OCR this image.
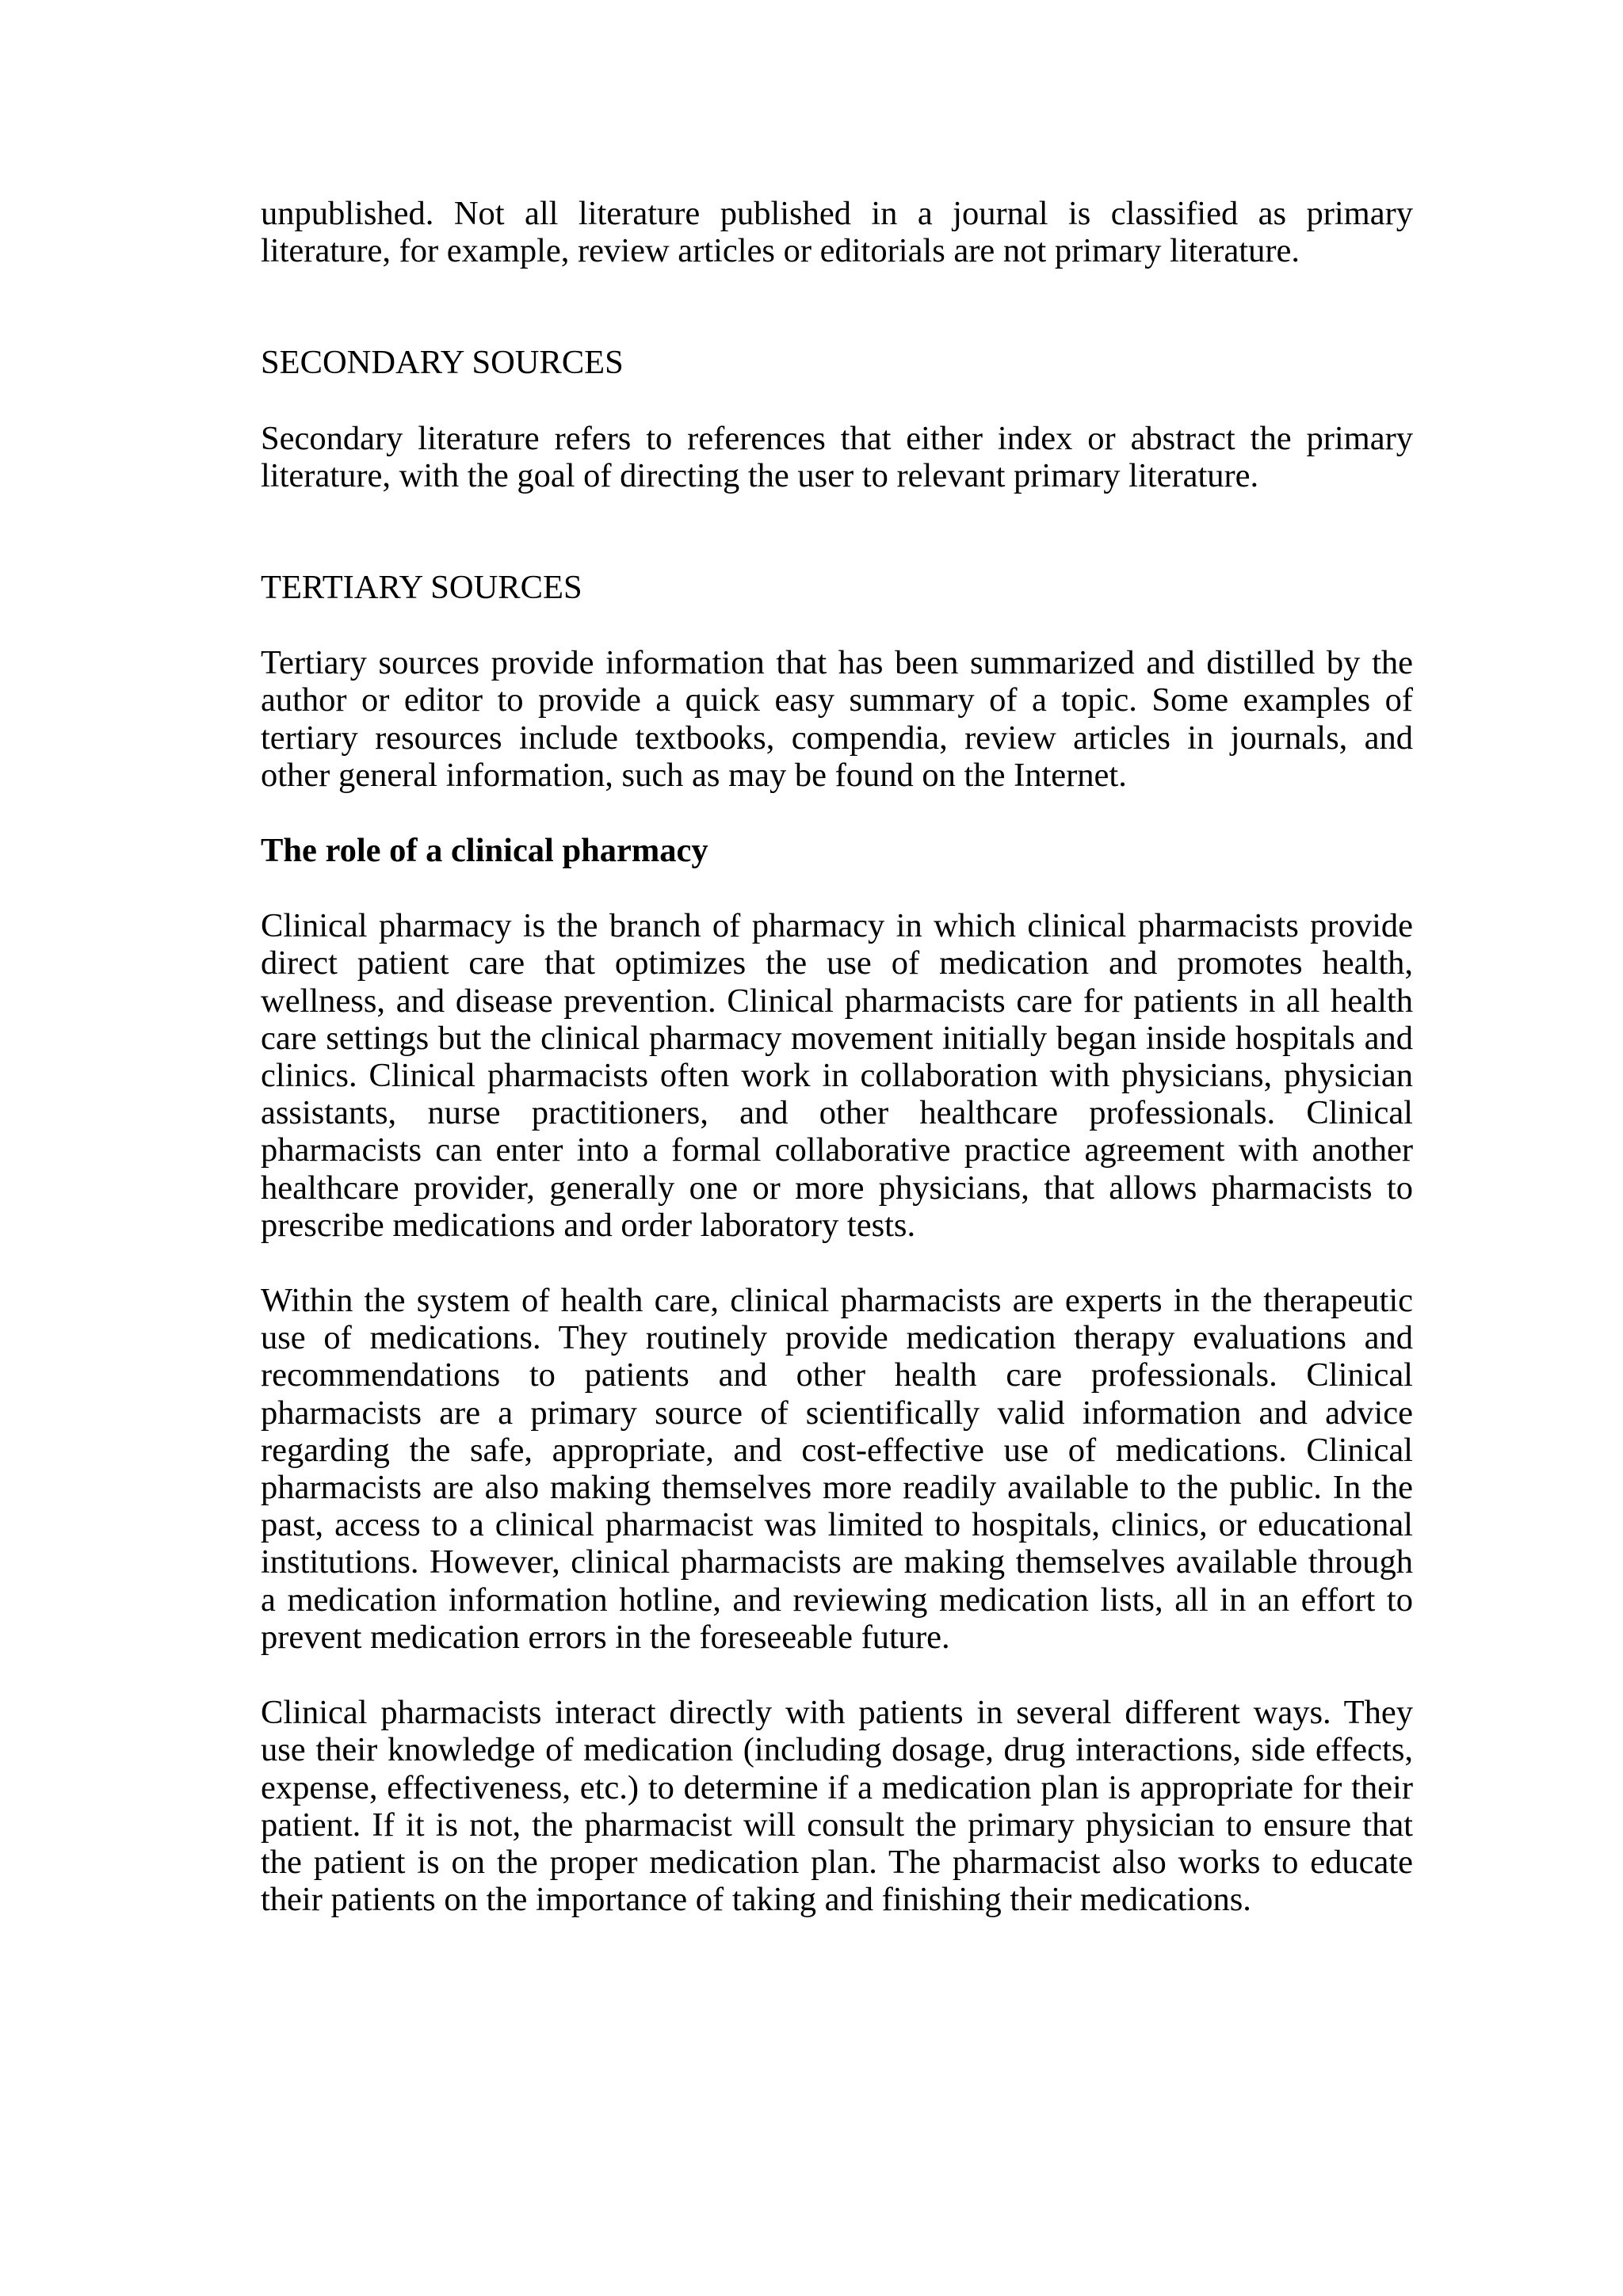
unpublished. Not all literature published in a journal is classified as primary literature, for example, review articles or editorials are not primary literature.

SECONDARY SOURCES

Secondary literature refers to references that either index or abstract the primary literature, with the goal of directing the user to relevant primary literature.

TERTIARY SOURCES

Tertiary sources provide information that has been summarized and distilled by the author or editor to provide a quick easy summary of a topic. Some examples of tertiary resources include textbooks, compendia, review articles in journals, and other general information, such as may be found on the Internet.

The role of a clinical pharmacy

Clinical pharmacy is the branch of pharmacy in which clinical pharmacists provide direct patient care that optimizes the use of medication and promotes health, wellness, and disease prevention. Clinical pharmacists care for patients in all health care settings but the clinical pharmacy movement initially began inside hospitals and clinics. Clinical pharmacists often work in collaboration with physicians, physician assistants, nurse practitioners, and other healthcare professionals. Clinical pharmacists can enter into a formal collaborative practice agreement with another healthcare provider, generally one or more physicians, that allows pharmacists to prescribe medications and order laboratory tests.

Within the system of health care, clinical pharmacists are experts in the therapeutic use of medications. They routinely provide medication therapy evaluations and recommendations to patients and other health care professionals. Clinical pharmacists are a primary source of scientifically valid information and advice regarding the safe, appropriate, and cost-effective use of medications. Clinical pharmacists are also making themselves more readily available to the public. In the past, access to a clinical pharmacist was limited to hospitals, clinics, or educational institutions. However, clinical pharmacists are making themselves available through a medication information hotline, and reviewing medication lists, all in an effort to prevent medication errors in the foreseeable future.

Clinical pharmacists interact directly with patients in several different ways. They use their knowledge of medication (including dosage, drug interactions, side effects, expense, effectiveness, etc.) to determine if a medication plan is appropriate for their patient. If it is not, the pharmacist will consult the primary physician to ensure that the patient is on the proper medication plan. The pharmacist also works to educate their patients on the importance of taking and finishing their medications.
